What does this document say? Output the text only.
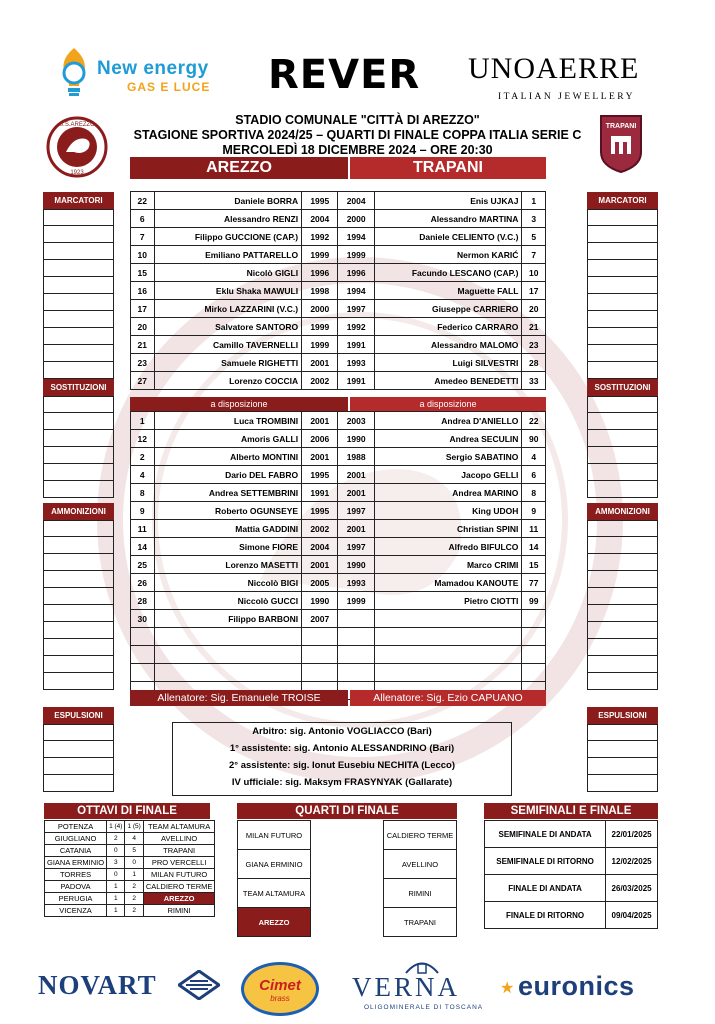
New energy
GAS E LUCE REVER UNOAERRE
ITALIAN JEWELLERY
S.S.AREZZO
1923
TRAPANI
STADIO COMUNALE "CITTÀ DI AREZZO"
STAGIONE SPORTIVA 2024/25 – QUARTI DI FINALE COPPA ITALIA SERIE C
MERCOLEDÌ 18 DICEMBRE 2024 – ORE 20:30
AREZZO	TRAPANI
MARCATORI	MARCATORI
SOSTITUZIONI	SOSTITUZIONI
AMMONIZIONI	AMMONIZIONI
ESPULSIONI	ESPULSIONI
22	Daniele BORRA	1995	2004	Enis UJKAJ	1
6	Alessandro RENZI	2004	2000	Alessandro MARTINA	3
7	Filippo GUCCIONE (CAP.)	1992	1994	Daniele CELIENTO (V.C.)	5
10	Emiliano PATTARELLO	1999	1999	Nermon KARIĆ	7
15	Nicolò GIGLI	1996	1996	Facundo LESCANO (CAP.)	10
16	Eklu Shaka MAWULI	1998	1994	Maguette FALL	17
17	Mirko LAZZARINI (V.C.)	2000	1997	Giuseppe CARRIERO	20
20	Salvatore SANTORO	1999	1992	Federico CARRARO	21
21	Camillo TAVERNELLI	1999	1991	Alessandro MALOMO	23
23	Samuele RIGHETTI	2001	1993	Luigi SILVESTRI	28
27	Lorenzo COCCIA	2002	1991	Amedeo BENEDETTI	33
a disposizione	a disposizione
1	Luca TROMBINI	2001	2003	Andrea D'ANIELLO	22
12	Amoris GALLI	2006	1990	Andrea SECULIN	90
2	Alberto MONTINI	2001	1988	Sergio SABATINO	4
4	Dario DEL FABRO	1995	2001	Jacopo GELLI	6
8	Andrea SETTEMBRINI	1991	2001	Andrea MARINO	8
9	Roberto OGUNSEYE	1995	1997	King UDOH	9
11	Mattia GADDINI	2002	2001	Christian SPINI	11
14	Simone FIORE	2004	1997	Alfredo BIFULCO	14
25	Lorenzo MASETTI	2001	1990	Marco CRIMI	15
26	Niccolò BIGI	2005	1993	Mamadou KANOUTE	77
28	Niccolò GUCCI	1990	1999	Pietro CIOTTI	99
30	Filippo BARBONI	2007			

Allenatore: Sig. Emanuele TROISE	Allenatore: Sig. Ezio CAPUANO
Arbitro: sig. Antonio VOGLIACCO (Bari)
1° assistente: sig. Antonio ALESSANDRINO (Bari)
2° assistente: sig. Ionut Eusebiu NECHITA (Lecco)
IV ufficiale: sig. Maksym FRASYNYAK (Gallarate)
OTTAVI DI FINALE
POTENZA	1 (4)	1 (5)	TEAM ALTAMURA
GIUGLIANO	2	4	AVELLINO
CATANIA	0	5	TRAPANI
GIANA ERMINIO	3	0	PRO VERCELLI
TORRES	0	1	MILAN FUTURO
PADOVA	1	2	CALDIERO TERME
PERUGIA	1	2	AREZZO
VICENZA	1	2	RIMINI
QUARTI DI FINALE
MILAN FUTURO		CALDIERO TERME
GIANA ERMINIO		AVELLINO
TEAM ALTAMURA		RIMINI
AREZZO		TRAPANI
SEMIFINALI E FINALE
SEMIFINALE DI ANDATA	22/01/2025
SEMIFINALE DI RITORNO	12/02/2025
FINALE DI ANDATA	26/03/2025
FINALE DI RITORNO	09/04/2025
NOVART	Cimet
brass	VERNA
OLIGOMINERALE DI TOSCANA
★ euronics
